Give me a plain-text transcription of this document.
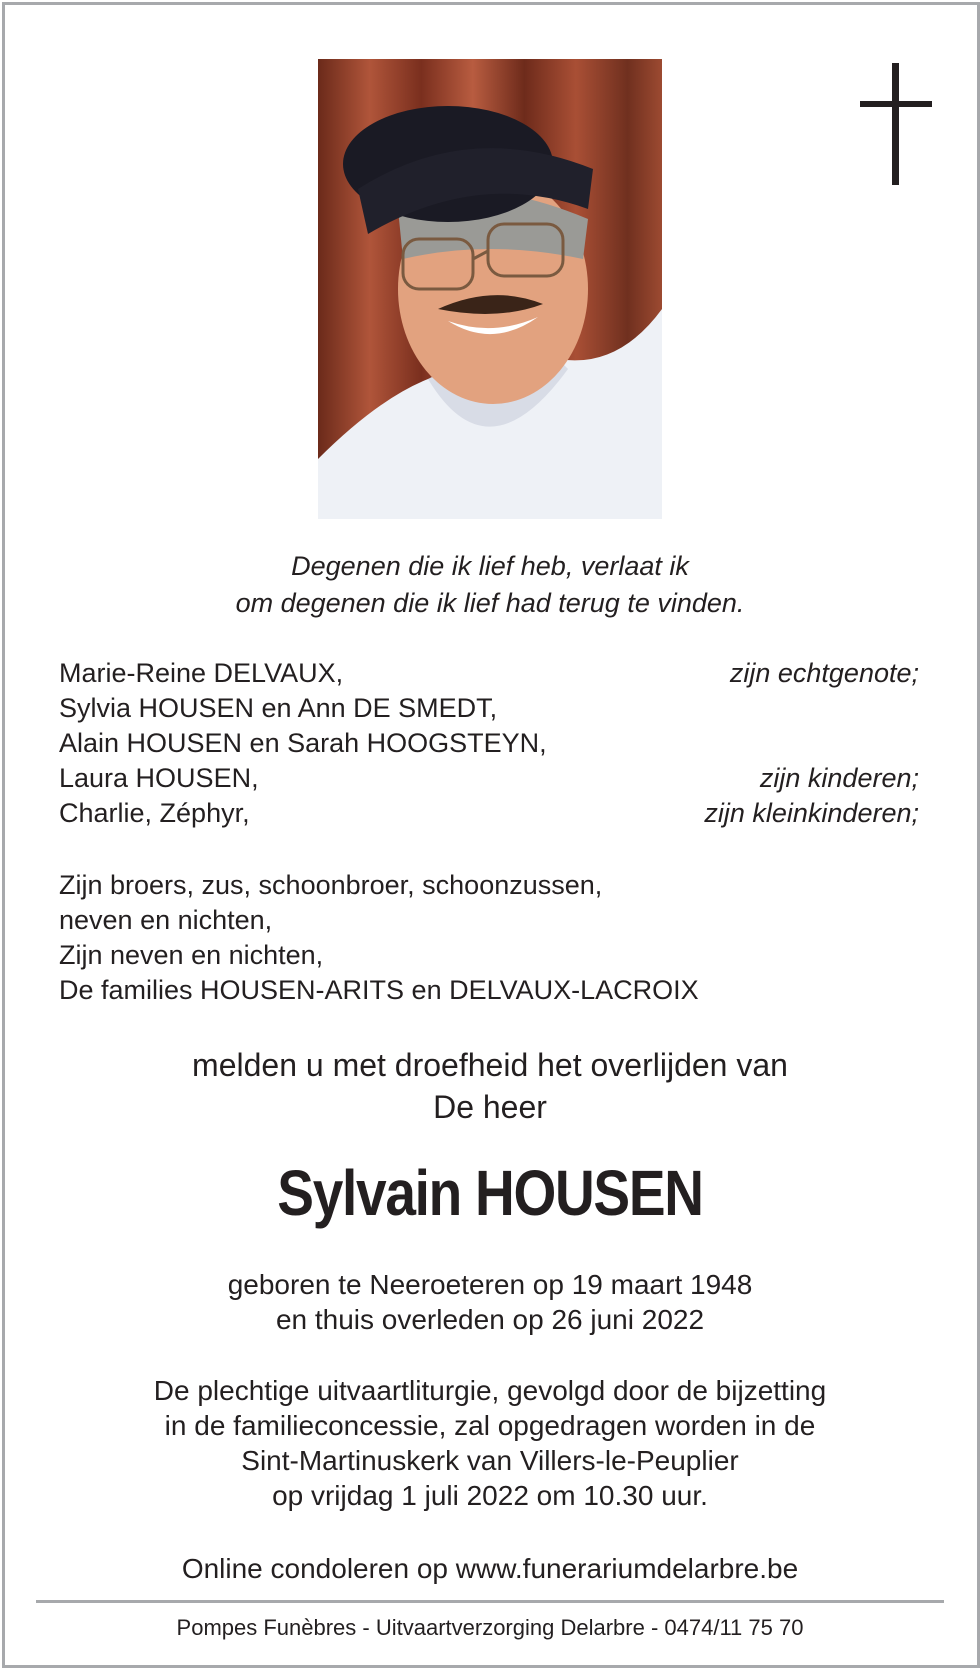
Degenen die ik lief heb, verlaat ik
om degenen die ik lief had terug te vinden.
Marie-Reine DELVAUX,	zijn echtgenote;
Sylvia HOUSEN en Ann DE SMEDT,
Alain HOUSEN en Sarah HOOGSTEYN,
Laura HOUSEN,	zijn kinderen;
Charlie, Zéphyr,	zijn kleinkinderen;
Zijn broers, zus, schoonbroer, schoonzussen,
neven en nichten,
Zijn neven en nichten,
De families HOUSEN-ARITS en DELVAUX-LACROIX
melden u met droefheid het overlijden van
De heer
Sylvain HOUSEN
geboren te Neeroeteren op 19 maart 1948
en thuis overleden op 26 juni 2022
De plechtige uitvaartliturgie, gevolgd door de bijzetting
in de familieconcessie, zal opgedragen worden in de
Sint-Martinuskerk van Villers-le-Peuplier
op vrijdag 1 juli 2022 om 10.30 uur.
Online condoleren op www.funerariumdelarbre.be
Pompes Funèbres - Uitvaartverzorging Delarbre - 0474/11 75 70
